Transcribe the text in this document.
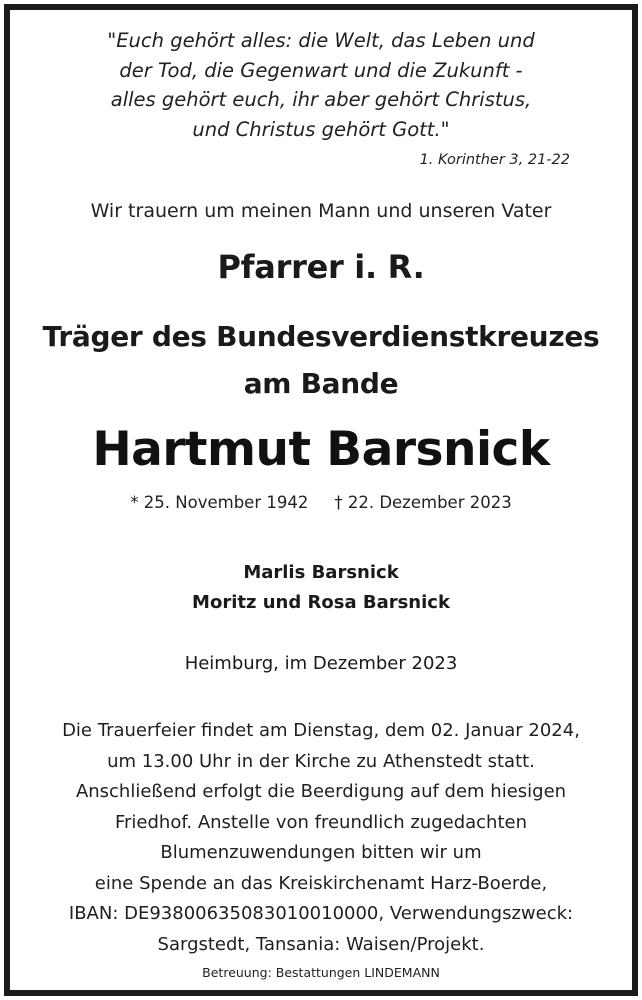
"Euch gehört alles: die Welt, das Leben und
der Tod, die Gegenwart und die Zukunft -
alles gehört euch, ihr aber gehört Christus,
und Christus gehört Gott."
1. Korinther 3, 21-22
Wir trauern um meinen Mann und unseren Vater
Pfarrer i. R.
Träger des Bundesverdienstkreuzes
am Bande
Hartmut Barsnick
* 25. November 1942 † 22. Dezember 2023
Marlis Barsnick
Moritz und Rosa Barsnick
Heimburg, im Dezember 2023
Die Trauerfeier findet am Dienstag, dem 02. Januar 2024,
um 13.00 Uhr in der Kirche zu Athenstedt statt.
Anschließend erfolgt die Beerdigung auf dem hiesigen
Friedhof. Anstelle von freundlich zugedachten
Blumenzuwendungen bitten wir um
eine Spende an das Kreiskirchenamt Harz-Boerde,
IBAN: DE93800635083010010000, Verwendungszweck:
Sargstedt, Tansania: Waisen/Projekt.
Betreuung: Bestattungen LINDEMANN
